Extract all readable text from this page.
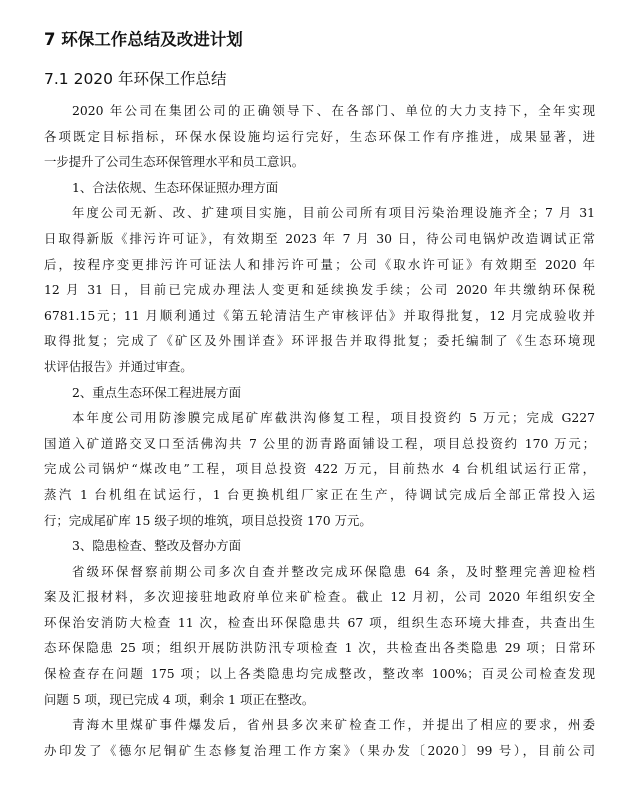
7 环保工作总结及改进计划
7.1 2020 年环保工作总结

2020 年公司在集团公司的正确领导下、在各部门、单位的大力支持下，全年实现

各项既定目标指标，环保水保设施均运行完好，生态环保工作有序推进，成果显著，进

一步提升了公司生态环保管理水平和员工意识。

1、合法依规、生态环保证照办理方面

年度公司无新、改、扩建项目实施，目前公司所有项目污染治理设施齐全；7 月 31

日取得新版《排污许可证》，有效期至 2023 年 7 月 30 日，待公司电锅炉改造调试正常

后，按程序变更排污许可证法人和排污许可量；公司《取水许可证》有效期至 2020 年

12 月 31 日，目前已完成办理法人变更和延续换发手续；公司 2020 年共缴纳环保税

6781.15元；11 月顺利通过《第五轮清洁生产审核评估》并取得批复，12 月完成验收并

取得批复；完成了《矿区及外围详查》环评报告并取得批复；委托编制了《生态环境现

状评估报告》并通过审查。

2、重点生态环保工程进展方面

本年度公司用防渗膜完成尾矿库截洪沟修复工程，项目投资约 5 万元；完成 G227

国道入矿道路交叉口至活佛沟共 7 公里的沥青路面铺设工程，项目总投资约 170 万元；

完成公司锅炉“煤改电”工程，项目总投资 422 万元，目前热水 4 台机组试运行正常，

蒸汽 1 台机组在试运行，1 台更换机组厂家正在生产，待调试完成后全部正常投入运

行；完成尾矿库 15 级子坝的堆筑，项目总投资 170 万元。

3、隐患检查、整改及督办方面

省级环保督察前期公司多次自查并整改完成环保隐患 64 条，及时整理完善迎检档

案及汇报材料，多次迎接驻地政府单位来矿检查。截止 12 月初，公司 2020 年组织安全

环保治安消防大检查 11 次，检查出环保隐患共 67 项，组织生态环境大排查，共查出生

态环保隐患 25 项；组织开展防洪防汛专项检查 1 次，共检查出各类隐患 29 项；日常环

保检查存在问题 175 项；以上各类隐患均完成整改，整改率 100%；百灵公司检查发现

问题 5 项，现已完成 4 项，剩余 1 项正在整改。

青海木里煤矿事件爆发后，省州县多次来矿检查工作，并提出了相应的要求，州委

办印发了《德尔尼铜矿生态修复治理工作方案》（果办发〔2020〕99 号），目前公司
